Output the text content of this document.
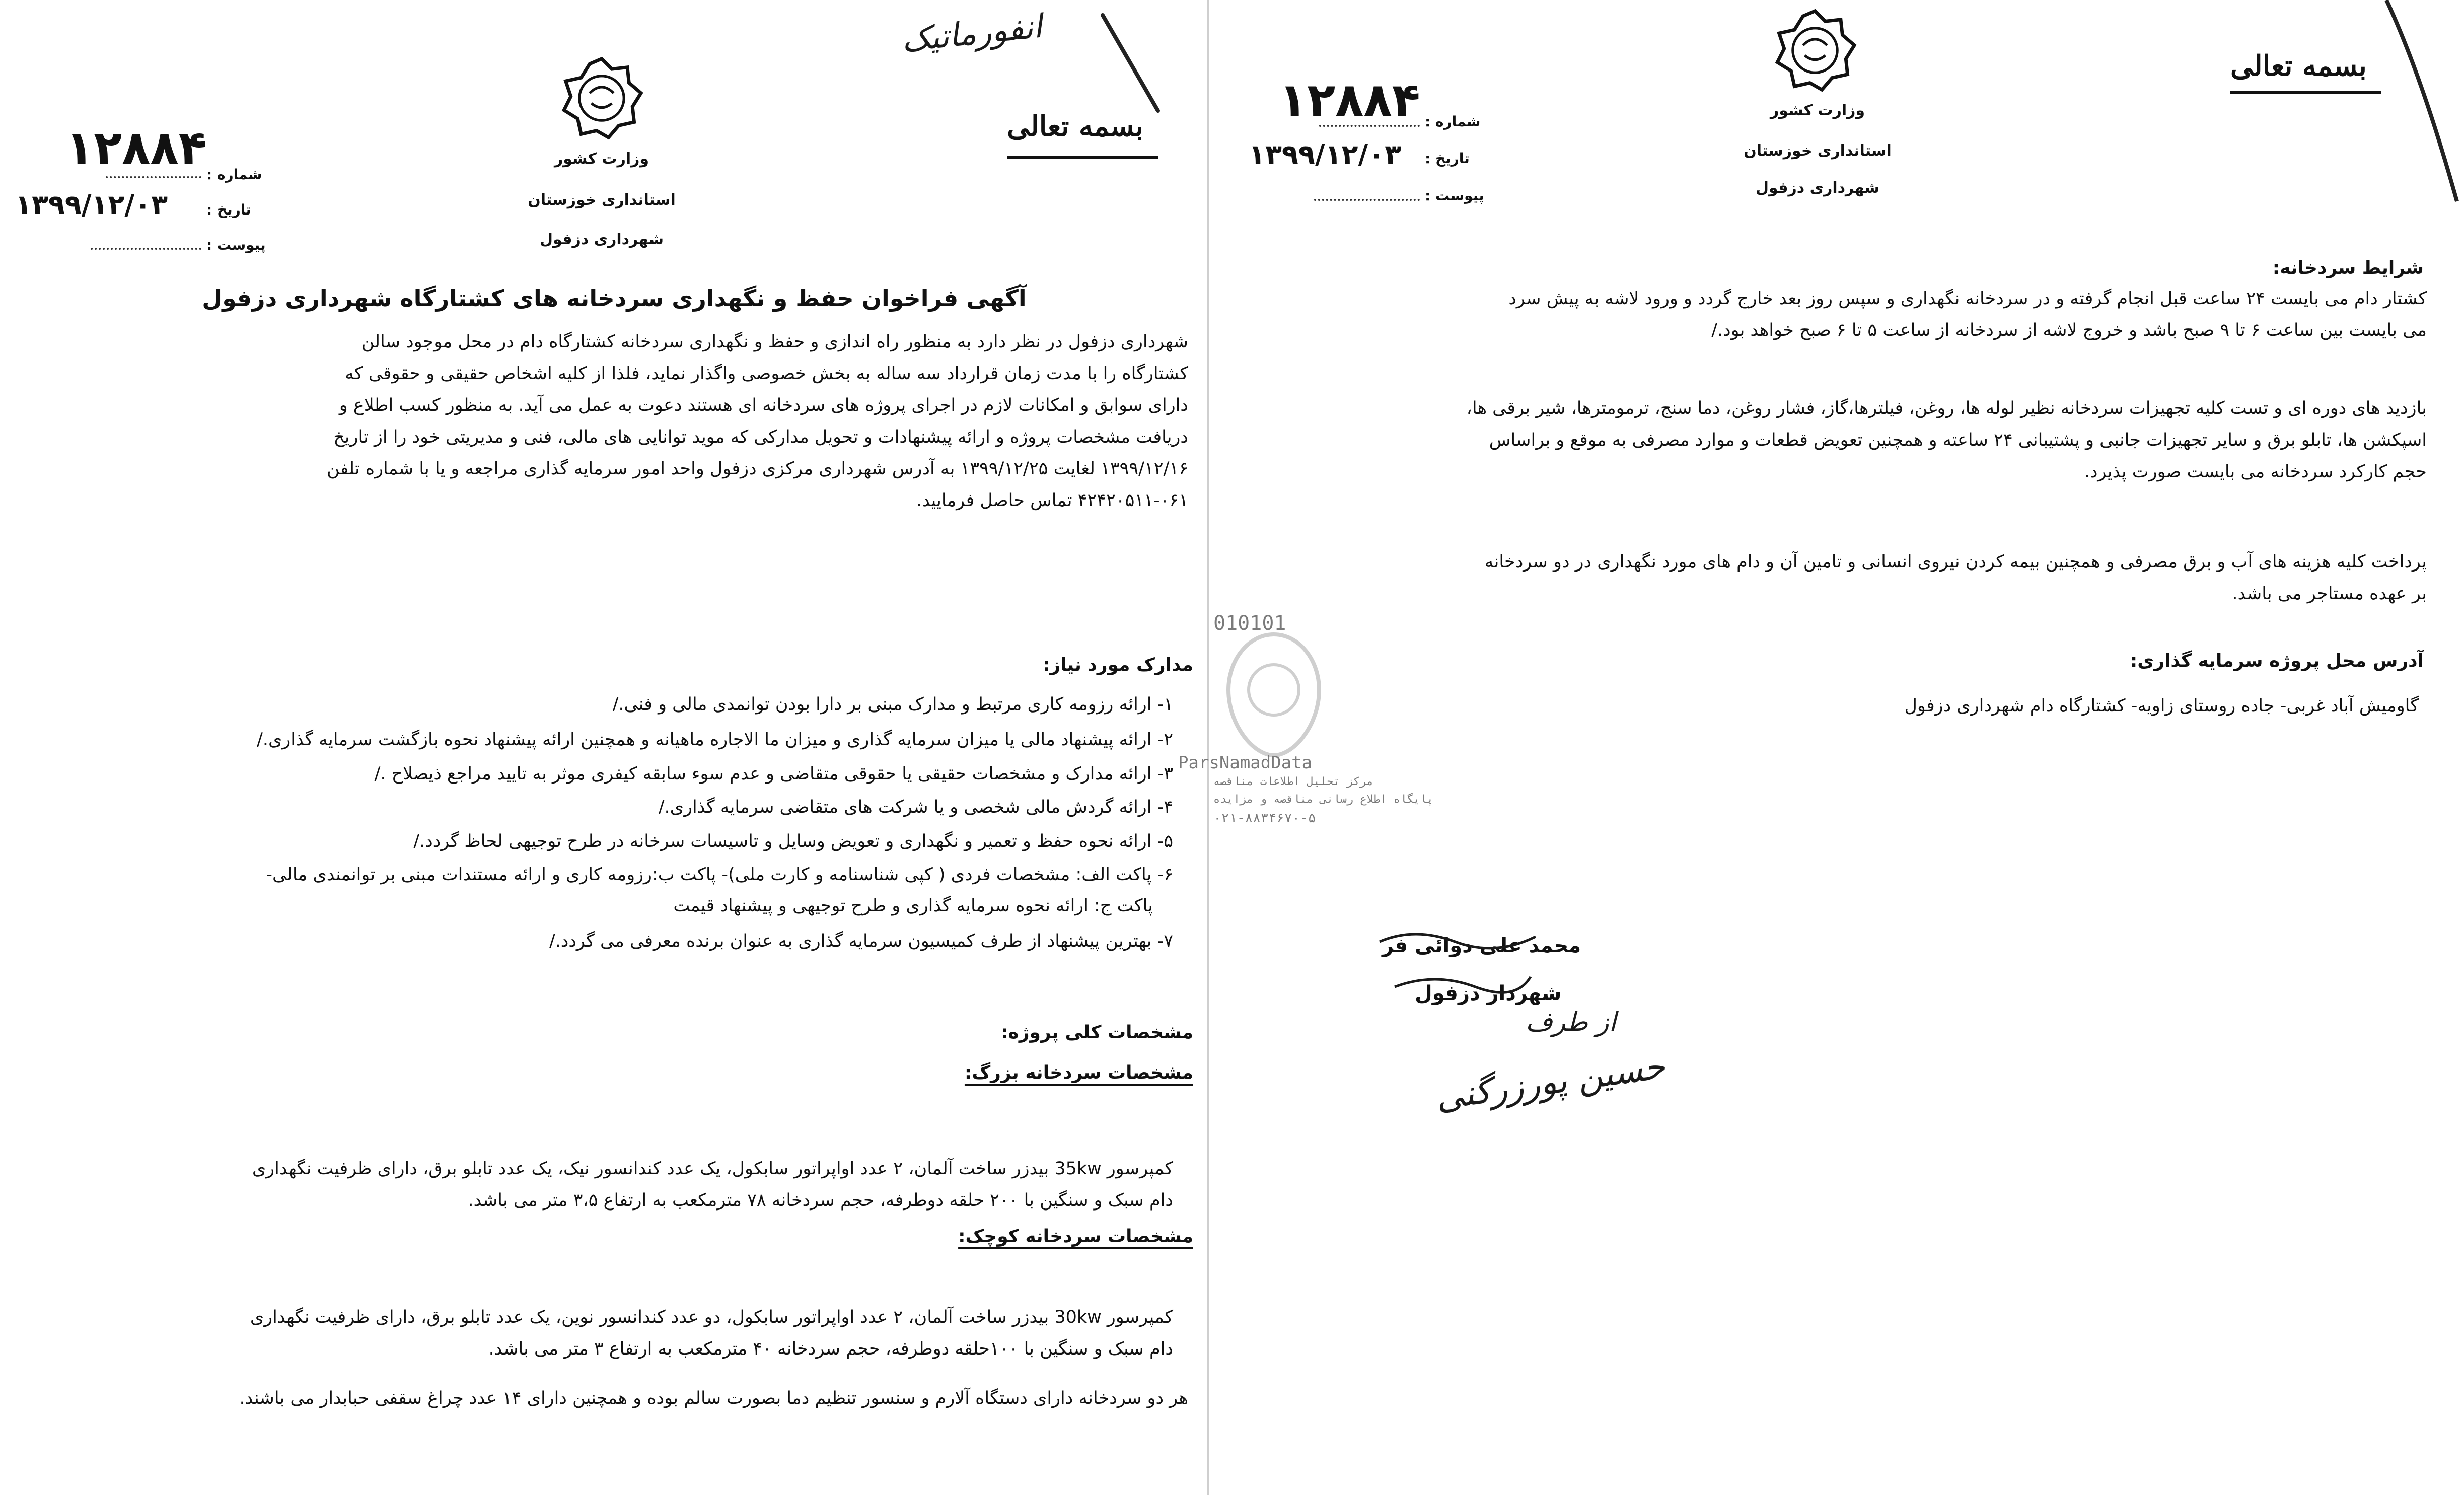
انفورماتیک
وزارت کشور
استانداری خوزستان
شهرداری دزفول
بسمه تعالی
۱۲۸۸۴ شماره :
۱۳۹۹/۱۲/۰۳	تاریخ :
پیوست :
آگهی فراخوان حفظ و نگهداری سردخانه های کشتارگاه شهرداری دزفول
شهرداری دزفول در نظر دارد به منظور راه اندازی و حفظ و نگهداری سردخانه کشتارگاه دام در محل موجود سالن
کشتارگاه را با مدت زمان قرارداد سه ساله به بخش خصوصی واگذار نماید، فلذا از کلیه اشخاص حقیقی و حقوقی که
دارای سوابق و امکانات لازم در اجرای پروژه های سردخانه ای هستند دعوت به عمل می آید. به منظور کسب اطلاع و
دریافت مشخصات پروژه و ارائه پیشنهادات و تحویل مدارکی که موید توانایی های مالی، فنی و مدیریتی خود را از تاریخ
۱۳۹۹/۱۲/۱۶ لغایت ۱۳۹۹/۱۲/۲۵ به آدرس شهرداری مرکزی دزفول واحد امور سرمایه گذاری مراجعه و یا با شماره تلفن
۴۲۴۲۰۵۱۱-۰۶۱ تماس حاصل فرمایید.
مدارک مورد نیاز:
۱- ارائه رزومه کاری مرتبط و مدارک مبنی بر دارا بودن توانمدی مالی و فنی./
۲- ارائه پیشنهاد مالی یا میزان سرمایه گذاری و میزان ما الاجاره ماهیانه و همچنین ارائه پیشنهاد نحوه بازگشت سرمایه گذاری./
۳- ارائه مدارک و مشخصات حقیقی یا حقوقی متقاضی و عدم سوء سابقه کیفری موثر به تایید مراجع ذیصلاح ./
۴- ارائه گردش مالی شخصی و یا شرکت های متقاضی سرمایه گذاری./
۵- ارائه نحوه حفظ و تعمیر و نگهداری و تعویض وسایل و تاسیسات سرخانه در طرح توجیهی لحاظ گردد./
۶- پاکت الف: مشخصات فردی ( کپی شناسنامه و کارت ملی)- پاکت ب:رزومه کاری و ارائه مستندات مبنی بر توانمندی مالی-
پاکت ج: ارائه نحوه سرمایه گذاری و طرح توجیهی و پیشنهاد قیمت
۷- بهترین پیشنهاد از طرف کمیسیون سرمایه گذاری به عنوان برنده معرفی می گردد./
مشخصات کلی پروژه:
مشخصات سردخانه بزرگ:
کمپرسور 35kw بیدزر ساخت آلمان، ۲ عدد اواپراتور سابکول، یک عدد کندانسور نیک، یک عدد تابلو برق، دارای ظرفیت نگهداری
دام سبک و سنگین با ۲۰۰ حلقه دوطرفه، حجم سردخانه ۷۸ مترمکعب به ارتفاع ۳،۵ متر می باشد.
مشخصات سردخانه کوچک:
کمپرسور 30kw بیدزر ساخت آلمان، ۲ عدد اواپراتور سابکول، دو عدد کندانسور نوین، یک عدد تابلو برق، دارای ظرفیت نگهداری
دام سبک و سنگین با ۱۰۰حلقه دوطرفه، حجم سردخانه ۴۰ مترمکعب به ارتفاع ۳ متر می باشد.
هر دو سردخانه دارای دستگاه آلارم و سنسور تنظیم دما بصورت سالم بوده و همچنین دارای ۱۴ عدد چراغ سقفی حبابدار می باشند.
وزارت کشور
استانداری خوزستان
شهرداری دزفول
بسمه تعالی
۱۲۸۸۴ شماره :
۱۳۹۹/۱۲/۰۳ تاریخ :
پیوست :
شرایط سردخانه:
کشتار دام می بایست ۲۴ ساعت قبل انجام گرفته و در سردخانه نگهداری و سپس روز بعد خارج گردد و ورود لاشه به پیش سرد
می بایست بین ساعت ۶ تا ۹ صبح باشد و خروج لاشه از سردخانه از ساعت ۵ تا ۶ صبح خواهد بود./
بازدید های دوره ای و تست کلیه تجهیزات سردخانه نظیر لوله ها، روغن، فیلترها،گاز، فشار روغن، دما سنج، ترمومترها، شیر برقی ها،
اسپکشن ها، تابلو برق و سایر تجهیزات جانبی و پشتیبانی ۲۴ ساعته و همچنین تعویض قطعات و موارد مصرفی به موقع و براساس
حجم کارکرد سردخانه می بایست صورت پذیرد.
پرداخت کلیه هزینه های آب و برق مصرفی و همچنین بیمه کردن نیروی انسانی و تامین آن و دام های مورد نگهداری در دو سردخانه
بر عهده مستاجر می باشد.
آدرس محل پروژه سرمایه گذاری:
گاومیش آباد غربی- جاده روستای زاویه- کشتارگاه دام شهرداری دزفول
010101
ParsNamadData
مرکز تحلیل اطلاعات مناقصه
پایگاه اطلاع رسانی مناقصه و مزایده
۰۲۱-۸۸۳۴۶۷۰-۵
محمد علی دوائی فر
شهردار دزفول
از طرف
حسین پورزرگنی
